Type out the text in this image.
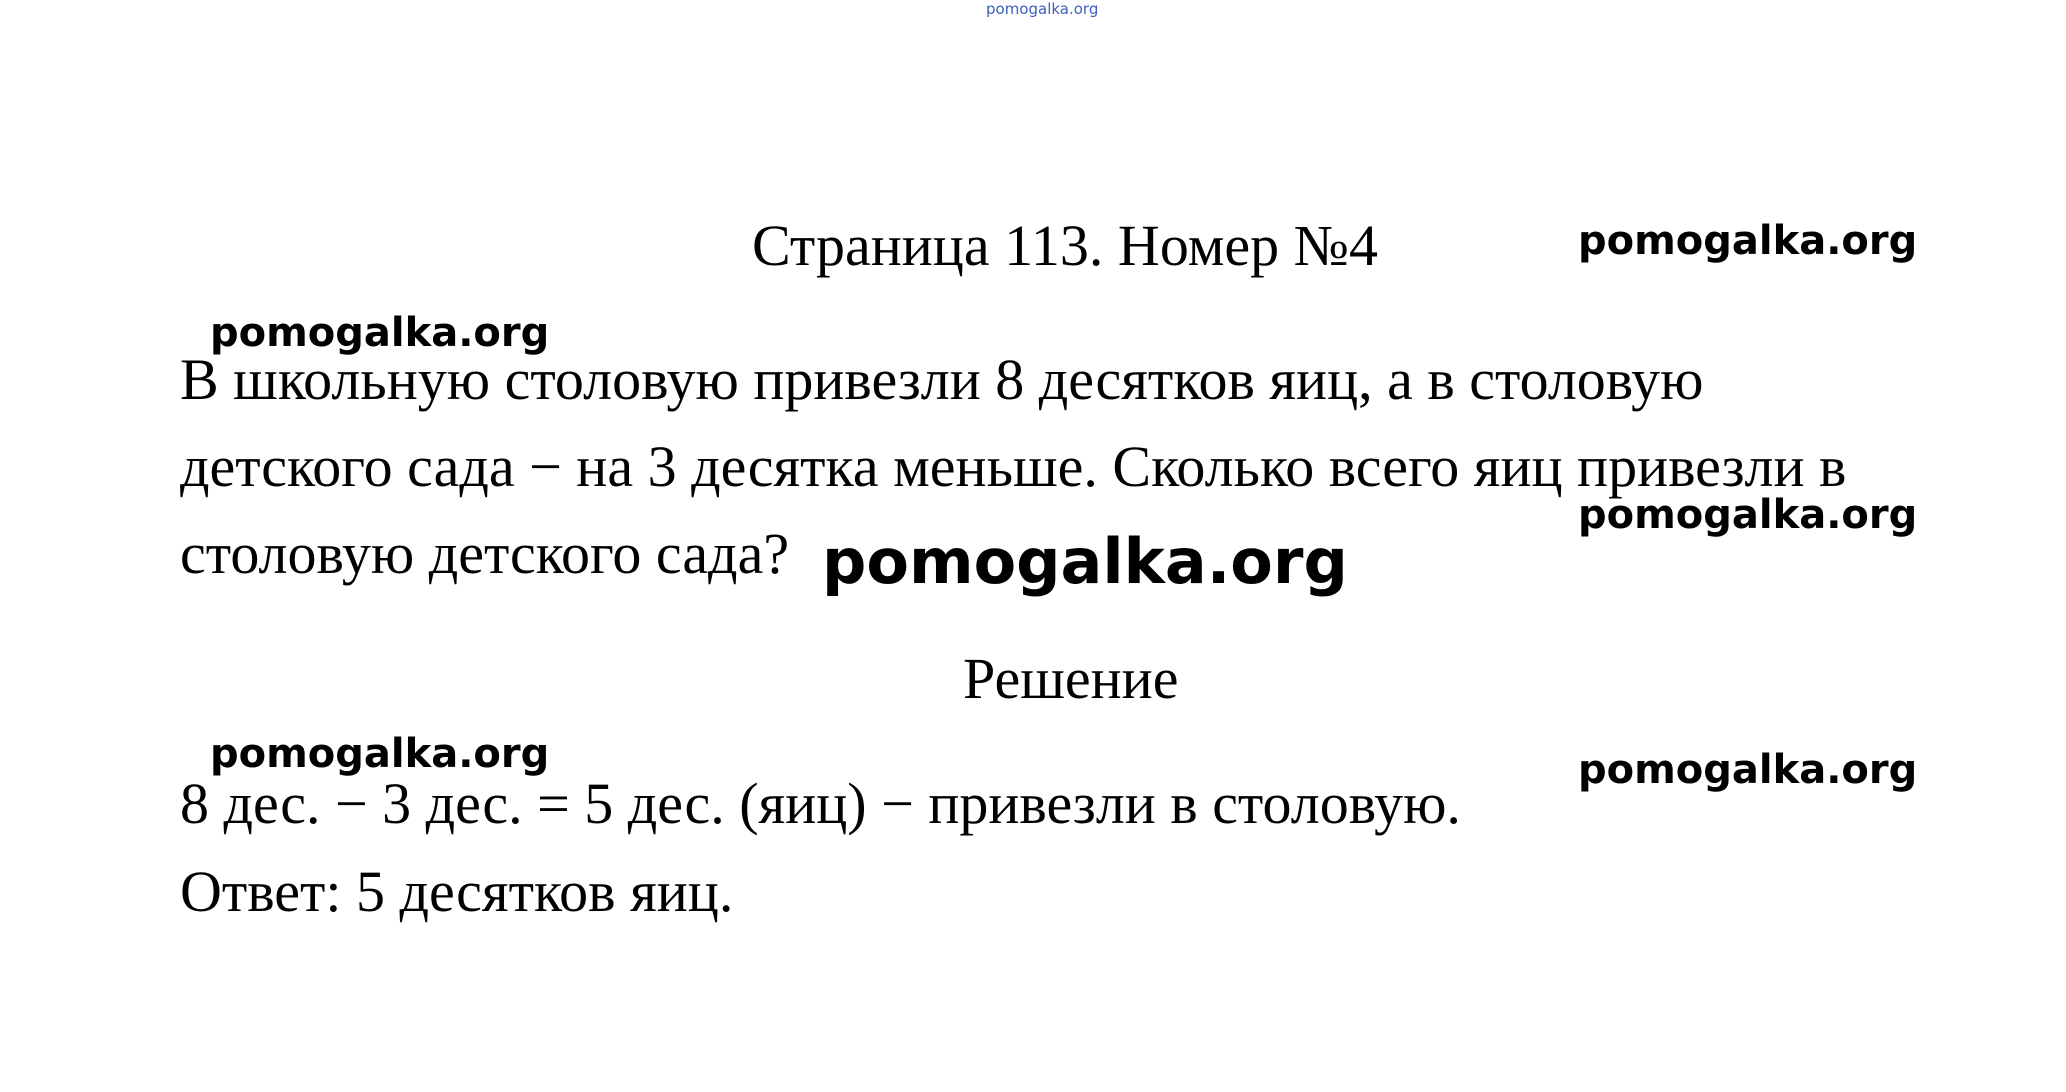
pomogalka.org
Страница 113. Номер №4	pomogalka.org
pomogalka.org
В школьную столовую привезли 8 десятков яиц, а в столовую
детского сада − на 3 десятка меньше. Сколько всего яиц привезли в
pomogalka.org
столовую детского сада? pomogalka.org
Решение
pomogalka.org	pomogalka.org
8 дес. − 3 дес. = 5 дес. (яиц) − привезли в столовую.
Ответ: 5 десятков яиц.
